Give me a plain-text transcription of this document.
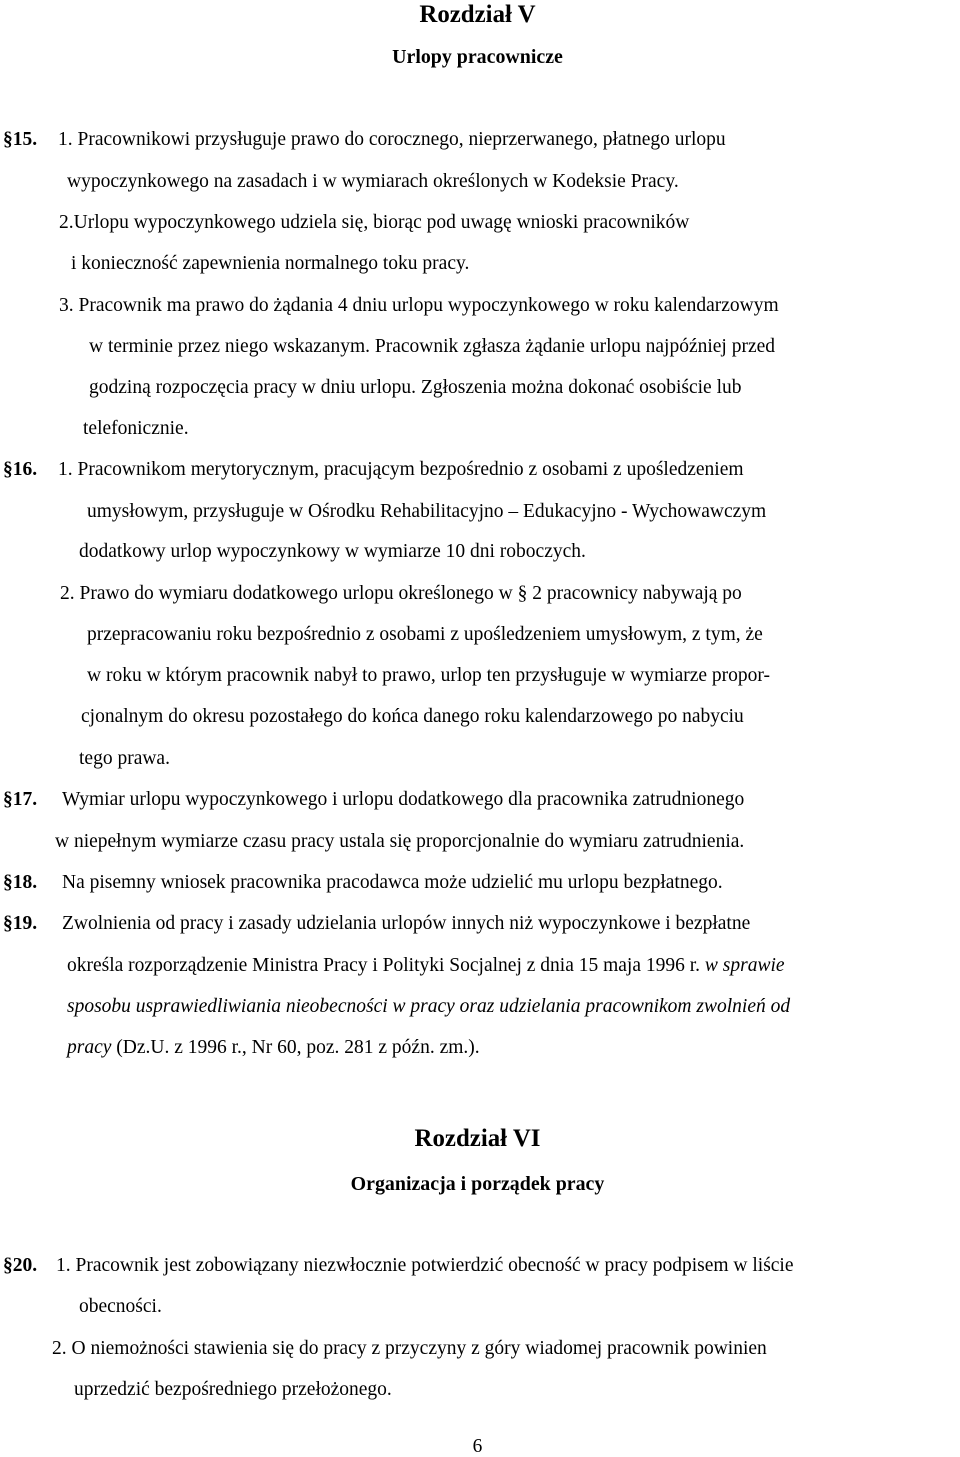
Rozdział V
Urlopy pracownicze
§15. 1. Pracownikowi przysługuje prawo do corocznego, nieprzerwanego, płatnego urlopu
wypoczynkowego na zasadach i w wymiarach określonych w Kodeksie Pracy.
2.Urlopu wypoczynkowego udziela się, biorąc pod uwagę wnioski pracowników
i konieczność zapewnienia normalnego toku pracy.
3. Pracownik ma prawo do żądania 4 dniu urlopu wypoczynkowego w roku kalendarzowym
w terminie przez niego wskazanym. Pracownik zgłasza żądanie urlopu najpóźniej przed
godziną rozpoczęcia pracy w dniu urlopu. Zgłoszenia można dokonać osobiście lub
telefonicznie.
§16. 1. Pracownikom merytorycznym, pracującym bezpośrednio z osobami z upośledzeniem
umysłowym, przysługuje w Ośrodku Rehabilitacyjno – Edukacyjno - Wychowawczym
dodatkowy urlop wypoczynkowy w wymiarze 10 dni roboczych.
2. Prawo do wymiaru dodatkowego urlopu określonego w § 2 pracownicy nabywają po
przepracowaniu roku bezpośrednio z osobami z upośledzeniem umysłowym, z tym, że
w roku w którym pracownik nabył to prawo, urlop ten przysługuje w wymiarze propor-
cjonalnym do okresu pozostałego do końca danego roku kalendarzowego po nabyciu
tego prawa.
§17. Wymiar urlopu wypoczynkowego i urlopu dodatkowego dla pracownika zatrudnionego
w niepełnym wymiarze czasu pracy ustala się proporcjonalnie do wymiaru zatrudnienia.
§18. Na pisemny wniosek pracownika pracodawca może udzielić mu urlopu bezpłatnego.
§19. Zwolnienia od pracy i zasady udzielania urlopów innych niż wypoczynkowe i bezpłatne
określa rozporządzenie Ministra Pracy i Polityki Socjalnej z dnia 15 maja 1996 r. w sprawie
sposobu usprawiedliwiania nieobecności w pracy oraz udzielania pracownikom zwolnień od
pracy (Dz.U. z 1996 r., Nr 60, poz. 281 z późn. zm.).
Rozdział VI
Organizacja i porządek pracy
§20. 1. Pracownik jest zobowiązany niezwłocznie potwierdzić obecność w pracy podpisem w liście
obecności.
2. O niemożności stawienia się do pracy z przyczyny z góry wiadomej pracownik powinien
uprzedzić bezpośredniego przełożonego.
6
